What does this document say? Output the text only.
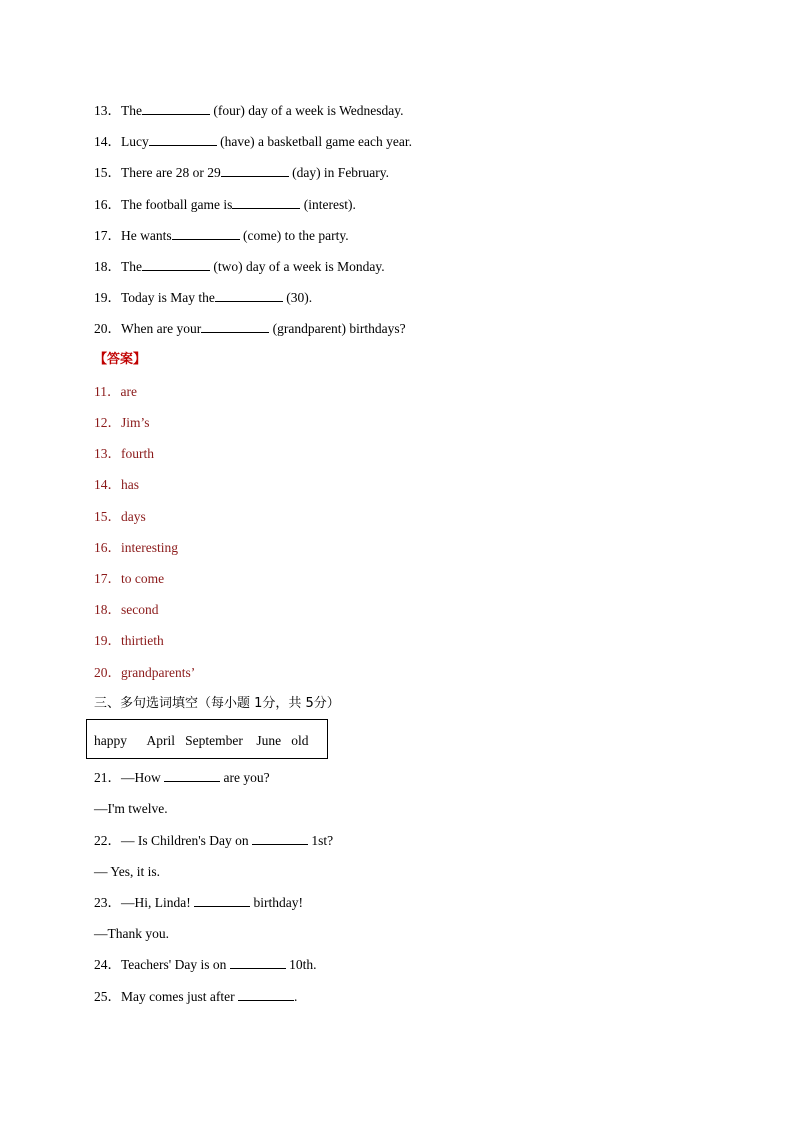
13．The	(four) day of a week is Wednesday.
14．Lucy	(have) a basketball game each year.
15．There are 28 or 29	(day) in February.
16．The football game is	(interest).
17．He wants	(come) to the party.
18．The	(two) day of a week is Monday.
19．Today is May the	(30).
20．When are your	(grandparent) birthdays?
【答案】
11．are
12．Jim’s
13．fourth
14．has
15．days
16．interesting
17．to come
18．second
19．thirtieth
20．grandparents’
三、多句选词填空（每小题 1分，共 5分）
happy April September June old
21．—How	are you?
—I'm twelve.
22．— Is Children's Day on	1st?
— Yes, it is.
23．—Hi, Linda!	birthday!
—Thank you.
24．Teachers' Day is on	10th.
25．May comes just after	.
